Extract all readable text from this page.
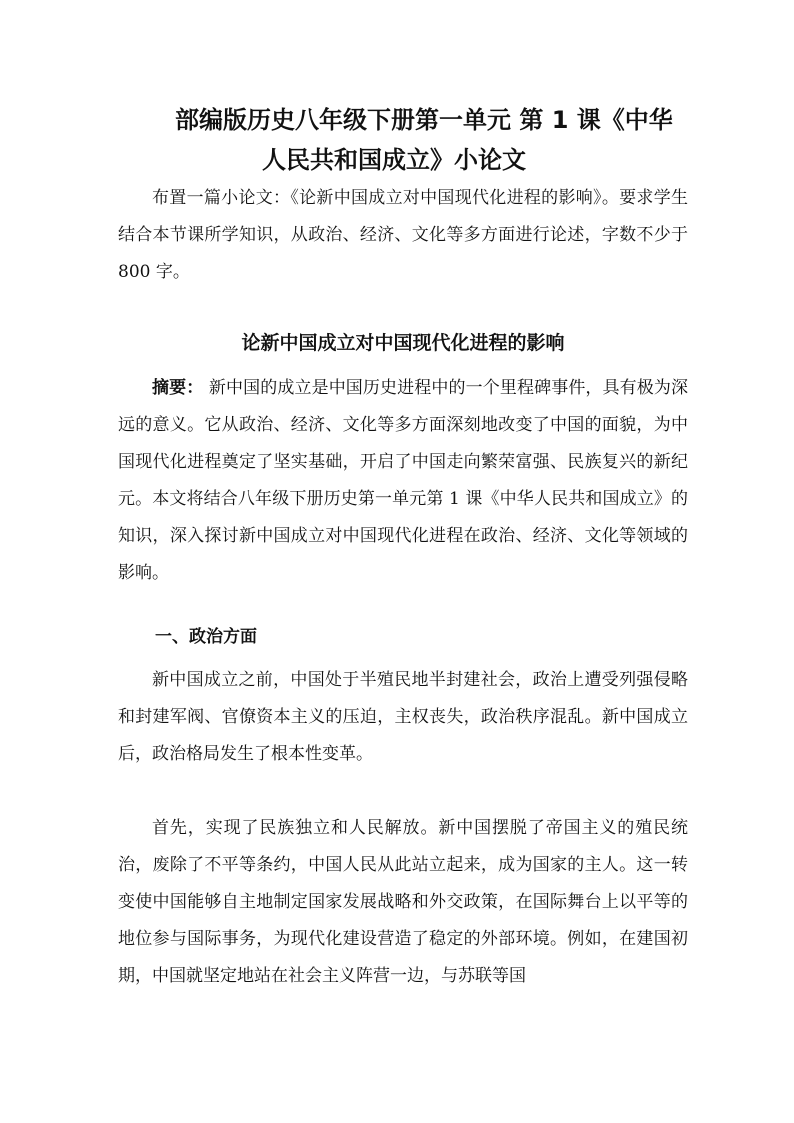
部编版历史八年级下册第一单元 第 1 课《中华
人民共和国成立》小论文

布置一篇小论文：《论新中国成立对中国现代化进程的影响》。要求学生结合本节课所学知识，从政治、经济、文化等多方面进行论述，字数不少于 800 字。

论新中国成立对中国现代化进程的影响

摘要： 新中国的成立是中国历史进程中的一个里程碑事件，具有极为深远的意义。它从政治、经济、文化等多方面深刻地改变了中国的面貌，为中国现代化进程奠定了坚实基础，开启了中国走向繁荣富强、民族复兴的新纪元。本文将结合八年级下册历史第一单元第 1 课《中华人民共和国成立》的知识，深入探讨新中国成立对中国现代化进程在政治、经济、文化等领域的影响。

一、政治方面

新中国成立之前，中国处于半殖民地半封建社会，政治上遭受列强侵略和封建军阀、官僚资本主义的压迫，主权丧失，政治秩序混乱。新中国成立后，政治格局发生了根本性变革。

首先，实现了民族独立和人民解放。新中国摆脱了帝国主义的殖民统治，废除了不平等条约，中国人民从此站立起来，成为国家的主人。这一转变使中国能够自主地制定国家发展战略和外交政策，在国际舞台上以平等的地位参与国际事务，为现代化建设营造了稳定的外部环境。例如，在建国初期，中国就坚定地站在社会主义阵营一边，与苏联等国
